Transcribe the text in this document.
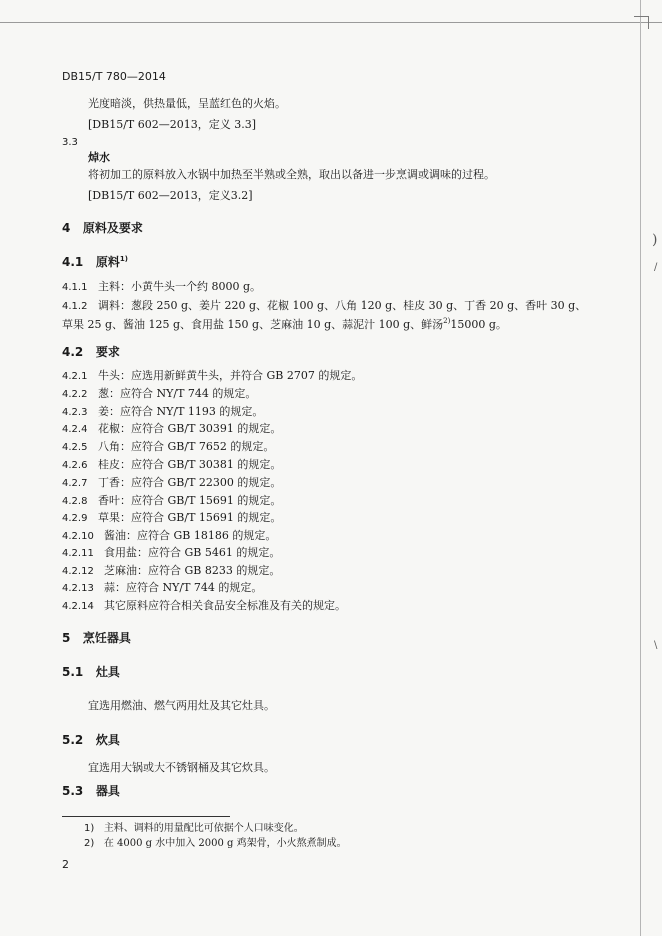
)
/
\
DB15/T 780—2014
光度暗淡，供热量低，呈蓝红色的火焰。
[DB15/T 602—2013，定义 3.3]
3.3
焯水
将初加工的原料放入水锅中加热至半熟或全熟，取出以备进一步烹调或调味的过程。
[DB15/T 602—2013，定义3.2]
4 原料及要求
4.1 原料$^{1)}$
4.1.1 主料：小黄牛头一个约 8000 g。
4.1.2 调料：葱段 250 g、姜片 220 g、花椒 100 g、八角 120 g、桂皮 30 g、丁香 20 g、香叶 30 g、
草果 25 g、酱油 125 g、食用盐 150 g、芝麻油 10 g、蒜泥汁 100 g、鲜汤$^{2)}$15000 g。
4.2 要求
4.2.1 牛头：应选用新鲜黄牛头，并符合 GB 2707 的规定。
4.2.2 葱：应符合 NY/T 744 的规定。
4.2.3 姜：应符合 NY/T 1193 的规定。
4.2.4 花椒：应符合 GB/T 30391 的规定。
4.2.5 八角：应符合 GB/T 7652 的规定。
4.2.6 桂皮：应符合 GB/T 30381 的规定。
4.2.7 丁香：应符合 GB/T 22300 的规定。
4.2.8 香叶：应符合 GB/T 15691 的规定。
4.2.9 草果：应符合 GB/T 15691 的规定。
4.2.10 酱油：应符合 GB 18186 的规定。
4.2.11 食用盐：应符合 GB 5461 的规定。
4.2.12 芝麻油：应符合 GB 8233 的规定。
4.2.13 蒜：应符合 NY/T 744 的规定。
4.2.14 其它原料应符合相关食品安全标准及有关的规定。
5 烹饪器具
5.1 灶具
宜选用燃油、燃气两用灶及其它灶具。
5.2 炊具
宜选用大锅或大不锈钢桶及其它炊具。
5.3 器具
1) 主料、调料的用量配比可依据个人口味变化。
2) 在 4000 g 水中加入 2000 g 鸡架骨，小火熬煮制成。
2
